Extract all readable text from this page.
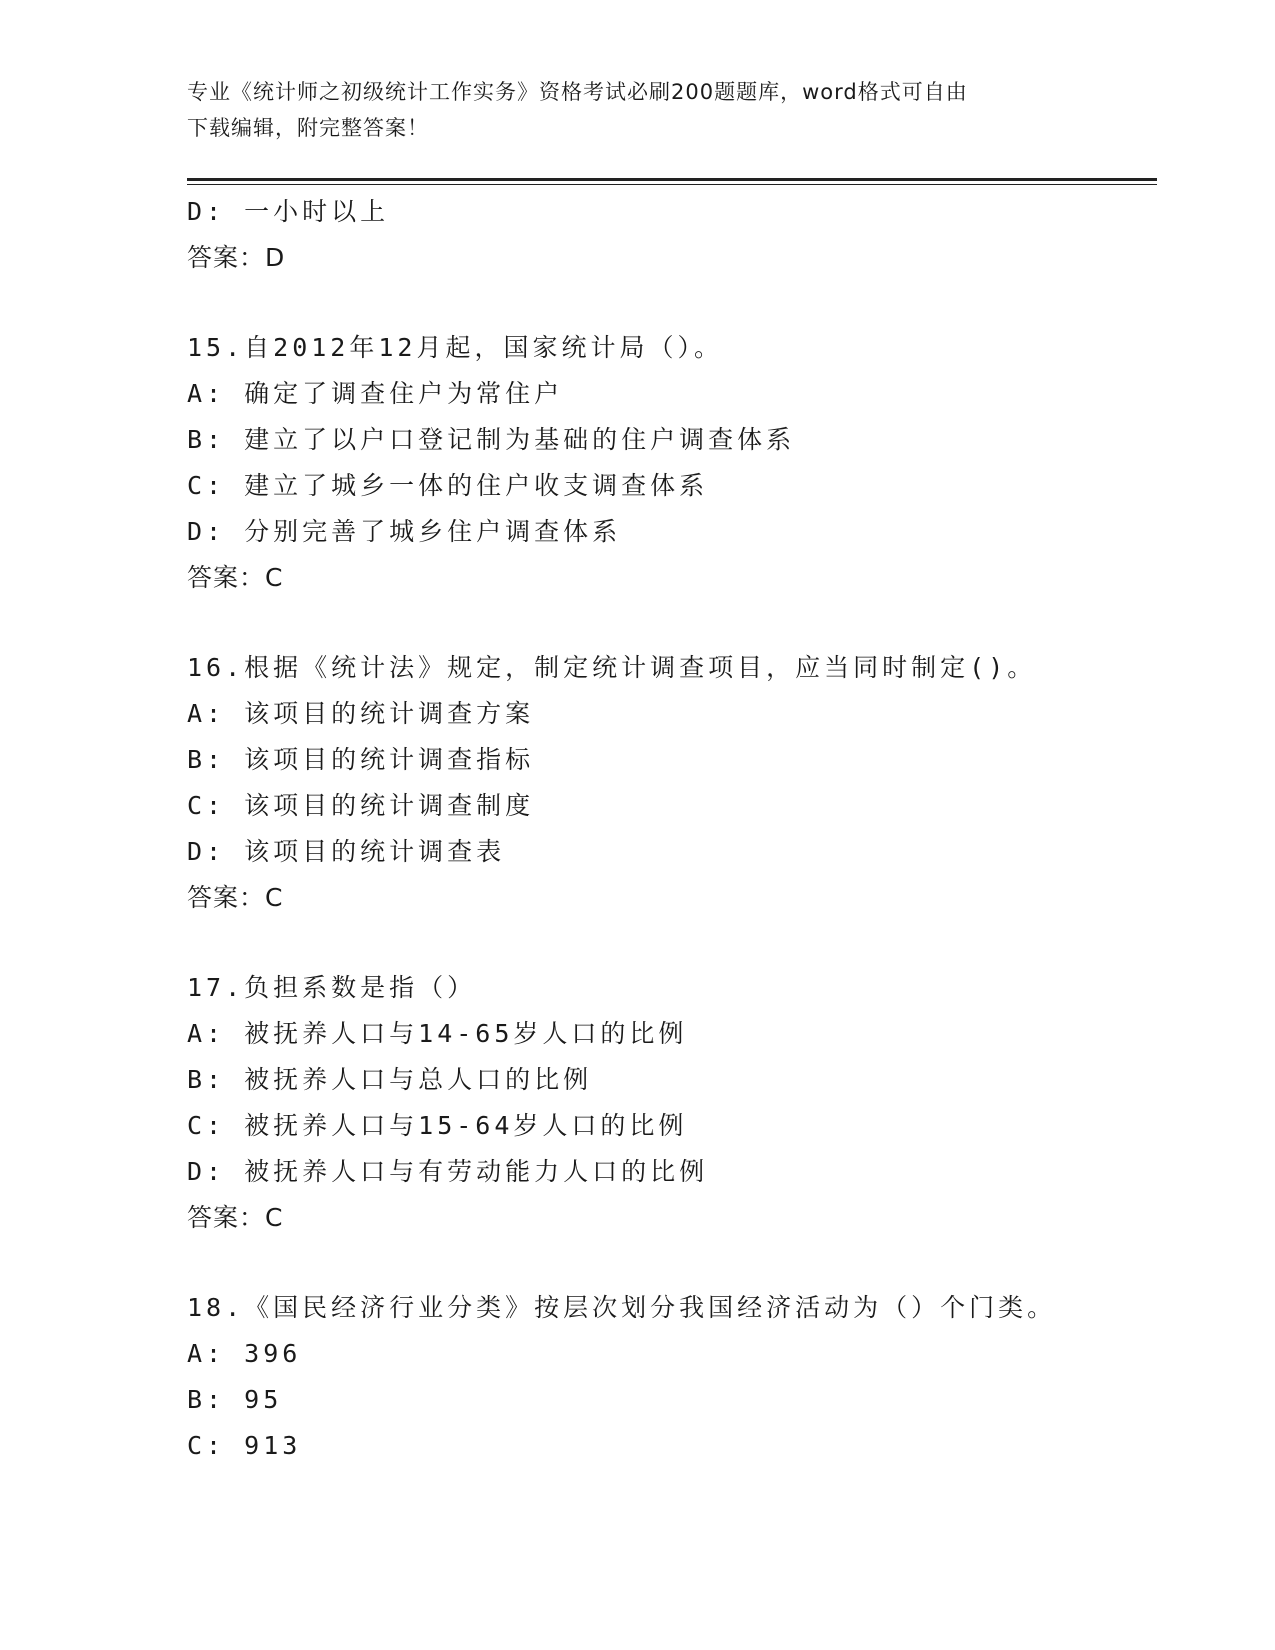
专业《统计师之初级统计工作实务》资格考试必刷200题题库，word格式可自由
下载编辑，附完整答案！
D: 一小时以上
答案：D
15.自2012年12月起，国家统计局（）。
A: 确定了调查住户为常住户
B: 建立了以户口登记制为基础的住户调查体系
C: 建立了城乡一体的住户收支调查体系
D: 分别完善了城乡住户调查体系
答案：C
16.根据《统计法》规定，制定统计调查项目，应当同时制定()。
A: 该项目的统计调查方案
B: 该项目的统计调查指标
C: 该项目的统计调查制度
D: 该项目的统计调查表
答案：C
17.负担系数是指（）
A: 被抚养人口与14-65岁人口的比例
B: 被抚养人口与总人口的比例
C: 被抚养人口与15-64岁人口的比例
D: 被抚养人口与有劳动能力人口的比例
答案：C
18.《国民经济行业分类》按层次划分我国经济活动为（）个门类。
A: 396
B: 95
C: 913
